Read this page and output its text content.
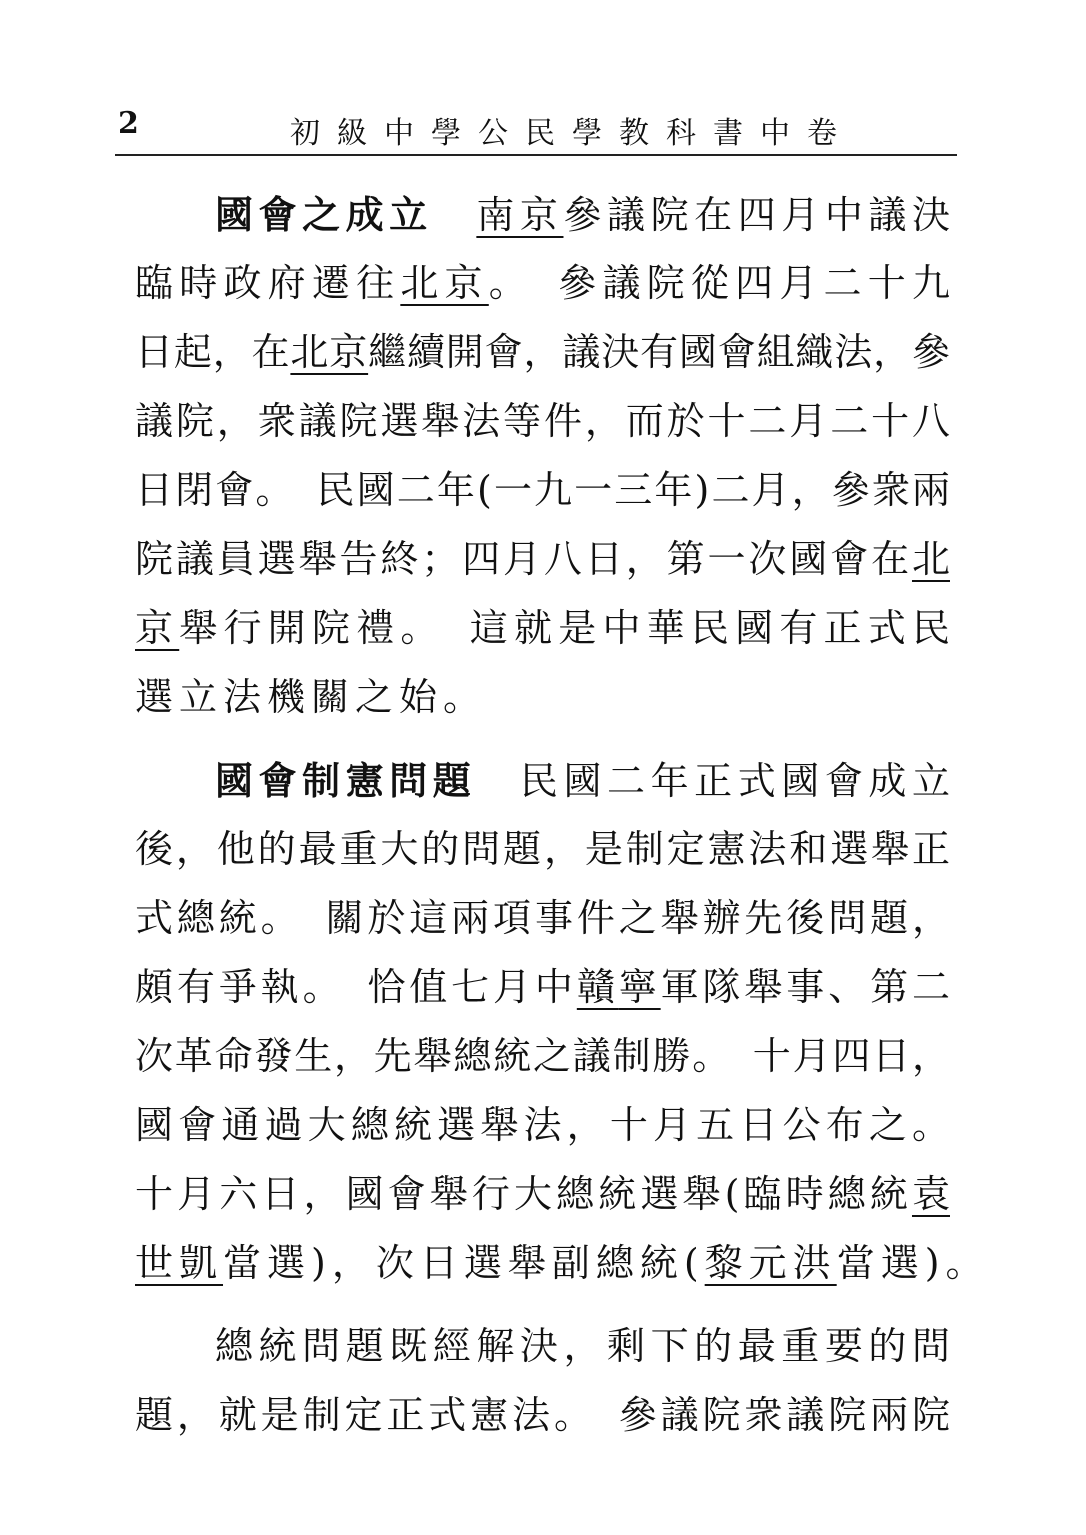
2	初級中學公民學教科書中卷
國會之成立　 南京參議院在四月中議決
臨時政府遷往北京。　參議院從四月二十九
日起，在北京繼續開會，議決有國會組織法，參
議院，衆議院選舉法等件，而於十二月二十八
日閉會。　民國二年(一九一三年)二月，參衆兩
院議員選舉告終；四月八日，第一次國會在北
京舉行開院禮。　這就是中華民國有正式民
選立法機關之始。
國會制憲問題　民國二年正式國會成立
後，他的最重大的問題，是制定憲法和選舉正
式總統。　關於這兩項事件之舉辦先後問題，
頗有爭執。　恰值七月中贛寧軍隊舉事、第二
次革命發生，先舉總統之議制勝。　十月四日，
國會通過大總統選舉法，十月五日公布之。
十月六日，國會舉行大總統選舉(臨時總統袁
世凱當選)，次日選舉副總統(黎元洪當選)。
總統問題既經解決，剩下的最重要的問
題，就是制定正式憲法。　參議院衆議院兩院
